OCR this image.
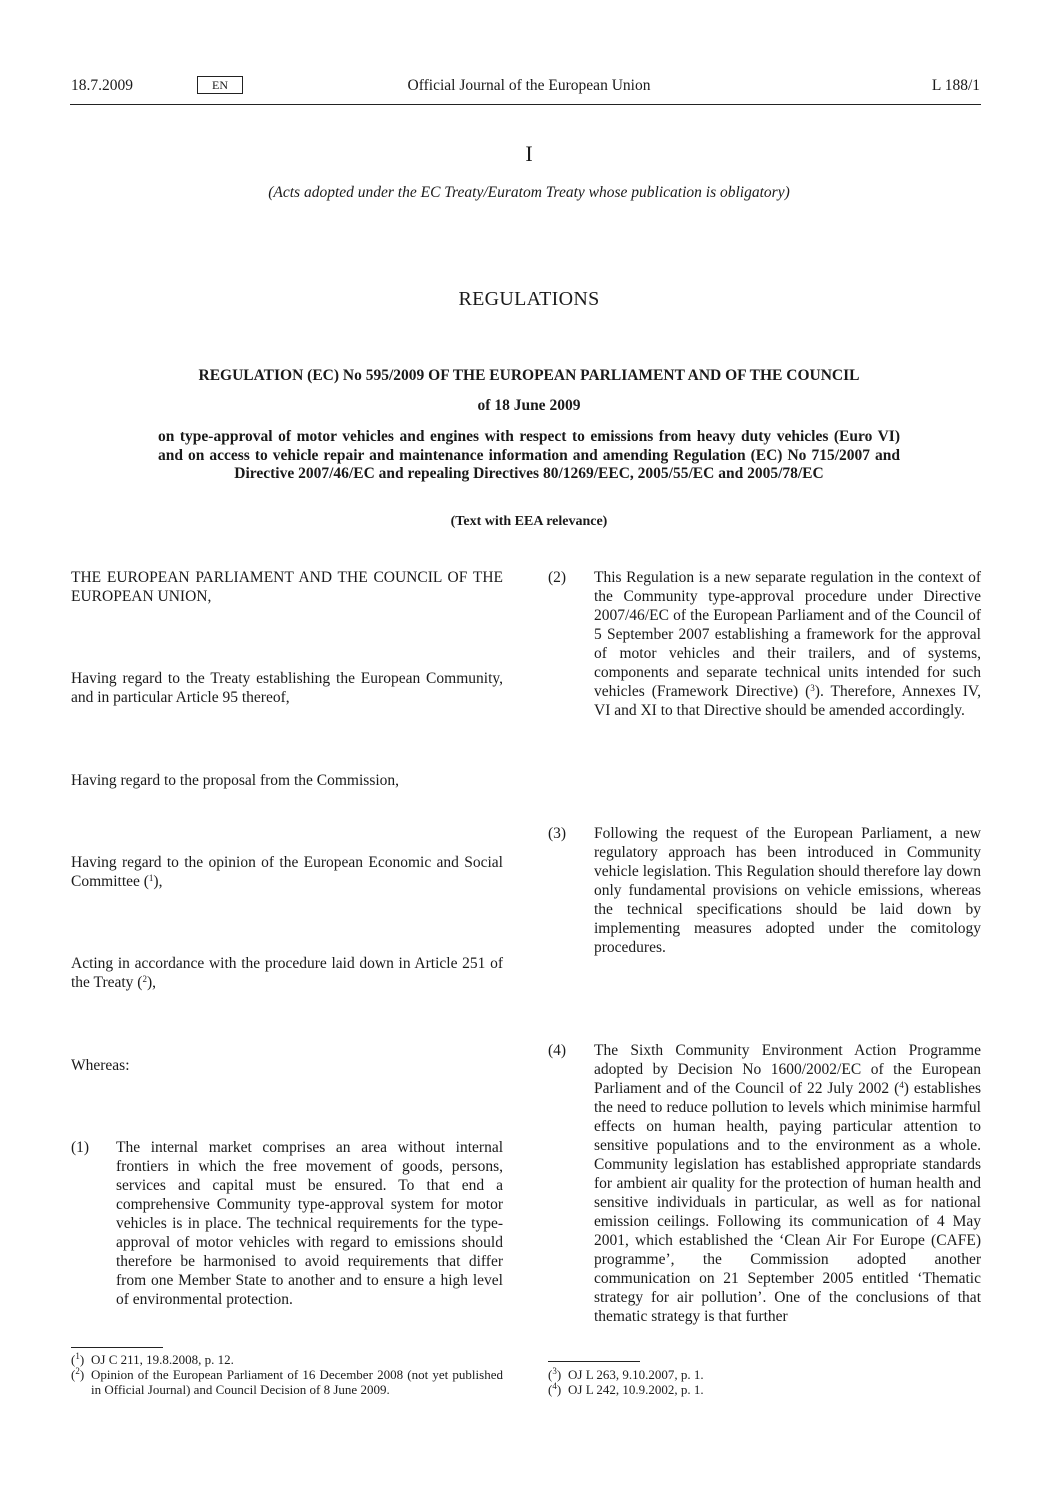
18.7.2009	EN	Official Journal of the European Union	L 188/1
I
(Acts adopted under the EC Treaty/Euratom Treaty whose publication is obligatory)
REGULATIONS
REGULATION (EC) No 595/2009 OF THE EUROPEAN PARLIAMENT AND OF THE COUNCIL
of 18 June 2009
on type-approval of motor vehicles and engines with respect to emissions from heavy duty vehicles (Euro VI) and on access to vehicle repair and maintenance information and amending Regulation (EC) No 715/2007 and Directive 2007/46/EC and repealing Directives 80/1269/EEC, 2005/55/EC and 2005/78/EC
(Text with EEA relevance)
THE EUROPEAN PARLIAMENT AND THE COUNCIL OF THE EUROPEAN UNION,
Having regard to the Treaty establishing the European Community, and in particular Article 95 thereof,
Having regard to the proposal from the Commission,
Having regard to the opinion of the European Economic and Social Committee ($^1$),
Acting in accordance with the procedure laid down in Article 251 of the Treaty ($^2$),
Whereas:
(1) The internal market comprises an area without internal frontiers in which the free movement of goods, persons, services and capital must be ensured. To that end a comprehensive Community type-approval system for motor vehicles is in place. The technical requirements for the type-approval of motor vehicles with regard to emissions should therefore be harmonised to avoid requirements that differ from one Member State to another and to ensure a high level of environmental protection.
(2) This Regulation is a new separate regulation in the context of the Community type-approval procedure under Directive 2007/46/EC of the European Parliament and of the Council of 5 September 2007 establishing a framework for the approval of motor vehicles and their trailers, and of systems, components and separate technical units intended for such vehicles (Framework Directive) ($^3$). Therefore, Annexes IV, VI and XI to that Directive should be amended accordingly.
(3) Following the request of the European Parliament, a new regulatory approach has been introduced in Community vehicle legislation. This Regulation should therefore lay down only fundamental provisions on vehicle emissions, whereas the technical specifications should be laid down by implementing measures adopted under the comitology procedures.
(4) The Sixth Community Environment Action Programme adopted by Decision No 1600/2002/EC of the European Parliament and of the Council of 22 July 2002 ($^4$) establishes the need to reduce pollution to levels which minimise harmful effects on human health, paying particular attention to sensitive populations and to the environment as a whole. Community legislation has established appropriate standards for ambient air quality for the protection of human health and sensitive individuals in particular, as well as for national emission ceilings. Following its communication of 4 May 2001, which established the ‘Clean Air For Europe (CAFE) programme’, the Commission adopted another communication on 21 September 2005 entitled ‘Thematic strategy for air pollution’. One of the conclusions of that thematic strategy is that further
($^1$) OJ C 211, 19.8.2008, p. 12.
($^2$) Opinion of the European Parliament of 16 December 2008 (not yet published in Official Journal) and Council Decision of 8 June 2009.
($^3$) OJ L 263, 9.10.2007, p. 1.
($^4$) OJ L 242, 10.9.2002, p. 1.
